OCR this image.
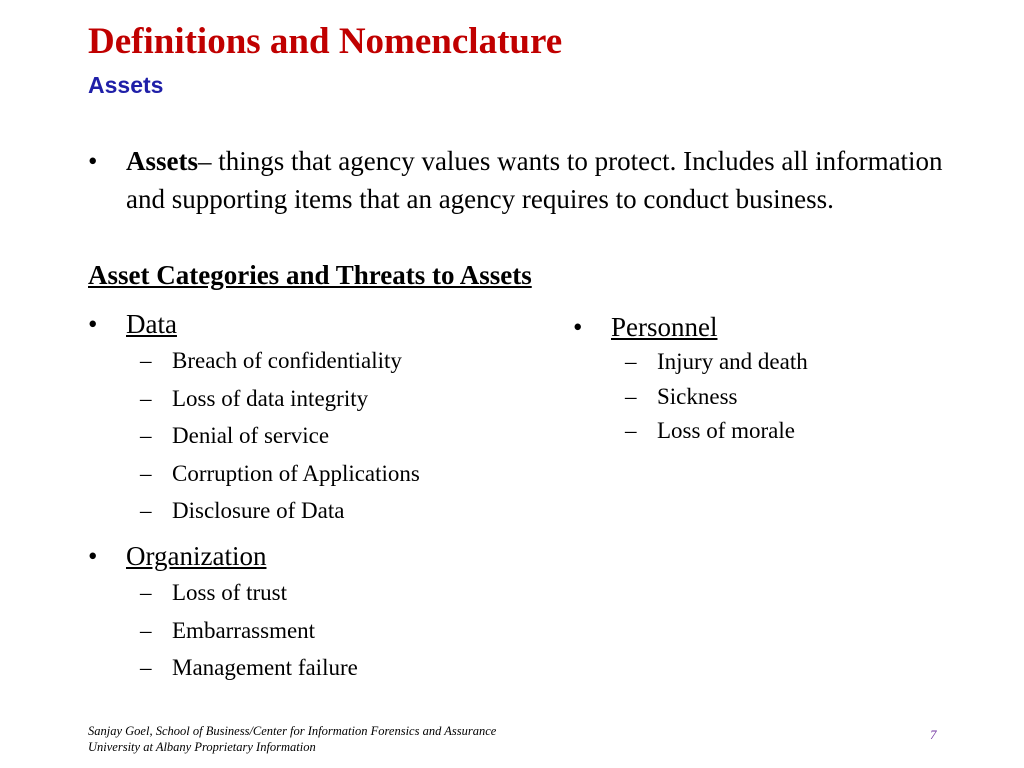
Definitions and Nomenclature
Assets
•	Assets– things that agency values wants to protect. Includes all information and supporting items that an agency requires to conduct business.
Asset Categories and Threats to Assets
•	Data
– Breach of confidentiality
– Loss of data integrity
– Denial of service
– Corruption of Applications
– Disclosure of Data
•	Organization
– Loss of trust
– Embarrassment
– Management failure
•	Personnel
– Injury and death
– Sickness
– Loss of morale
Sanjay Goel, School of Business/Center for Information Forensics and Assurance
University at Albany Proprietary Information
7
